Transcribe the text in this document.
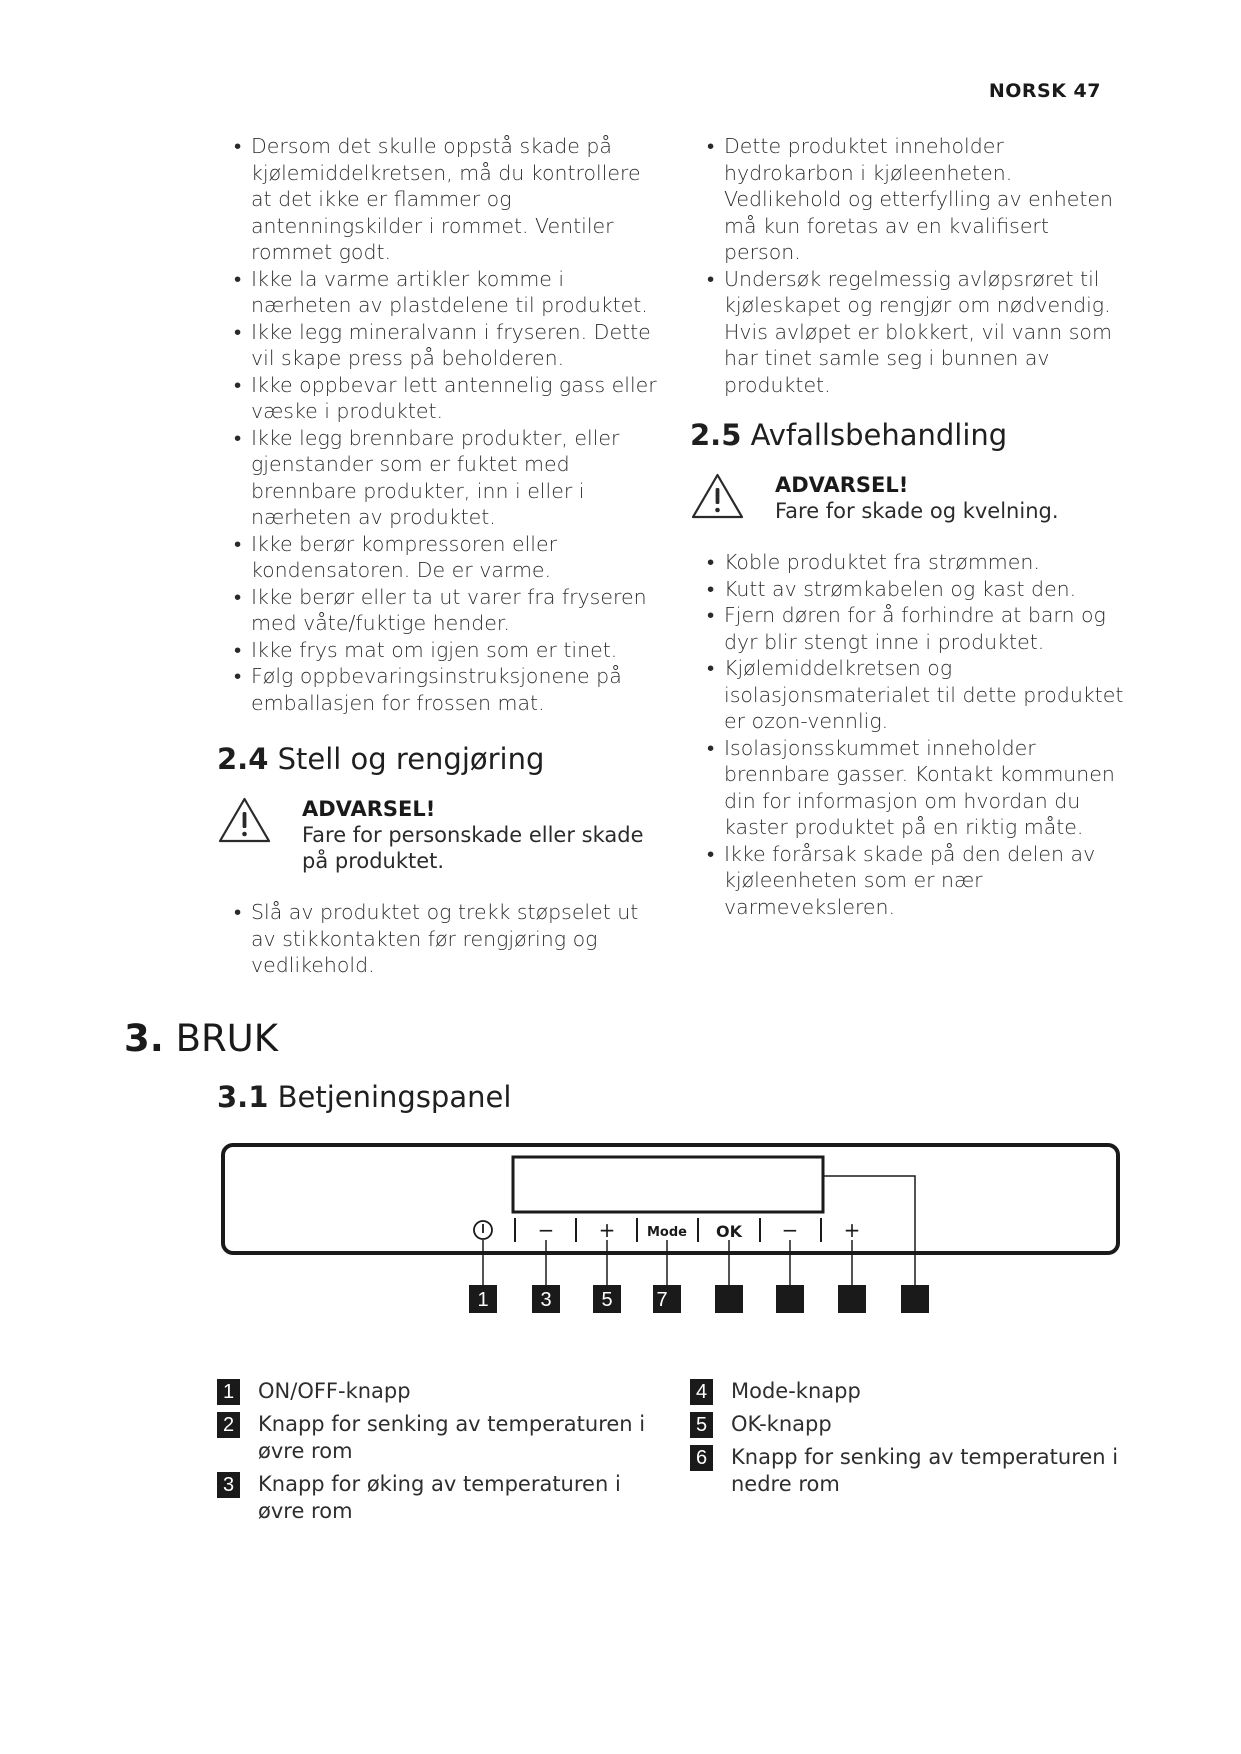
NORSK 47
• Dersom det skulle oppstå skade på kjølemiddelkretsen, må du kontrollere at det ikke er flammer og antenningskilder i rommet. Ventiler rommet godt.
• Ikke la varme artikler komme i nærheten av plastdelene til produktet.
• Ikke legg mineralvann i fryseren. Dette vil skape press på beholderen.
• Ikke oppbevar lett antennelig gass eller væske i produktet.
• Ikke legg brennbare produkter, eller gjenstander som er fuktet med brennbare produkter, inn i eller i nærheten av produktet.
• Ikke berør kompressoren eller kondensatoren. De er varme.
• Ikke berør eller ta ut varer fra fryseren med våte/fuktige hender.
• Ikke frys mat om igjen som er tinet.
• Følg oppbevaringsinstruksjonene på emballasjen for frossen mat.
2.4 Stell og rengjøring
ADVARSEL!
Fare for personskade eller skade på produktet.
• Slå av produktet og trekk støpselet ut av stikkontakten før rengjøring og vedlikehold.
• Dette produktet inneholder hydrokarbon i kjøleenheten. Vedlikehold og etterfylling av enheten må kun foretas av en kvalifisert person.
• Undersøk regelmessig avløpsrøret til kjøleskapet og rengjør om nødvendig. Hvis avløpet er blokkert, vil vann som har tinet samle seg i bunnen av produktet.
2.5 Avfallsbehandling
ADVARSEL!
Fare for skade og kvelning.
• Koble produktet fra strømmen.
• Kutt av strømkabelen og kast den.
• Fjern døren for å forhindre at barn og dyr blir stengt inne i produktet.
• Kjølemiddelkretsen og isolasjonsmaterialet til dette produktet er ozon-vennlig.
• Isolasjonsskummet inneholder brennbare gasser. Kontakt kommunen din for informasjon om hvordan du kaster produktet på en riktig måte.
• Ikke forårsak skade på den delen av kjøleenheten som er nær varmeveksleren.
3. BRUK
3.1 Betjeningspanel
− + Mode OK − +
1	3 5 7
1 ON/OFF-knapp
2 Knapp for senking av temperaturen i øvre rom
3 Knapp for øking av temperaturen i øvre rom
4 Mode-knapp
5 OK-knapp
6 Knapp for senking av temperaturen i nedre rom
